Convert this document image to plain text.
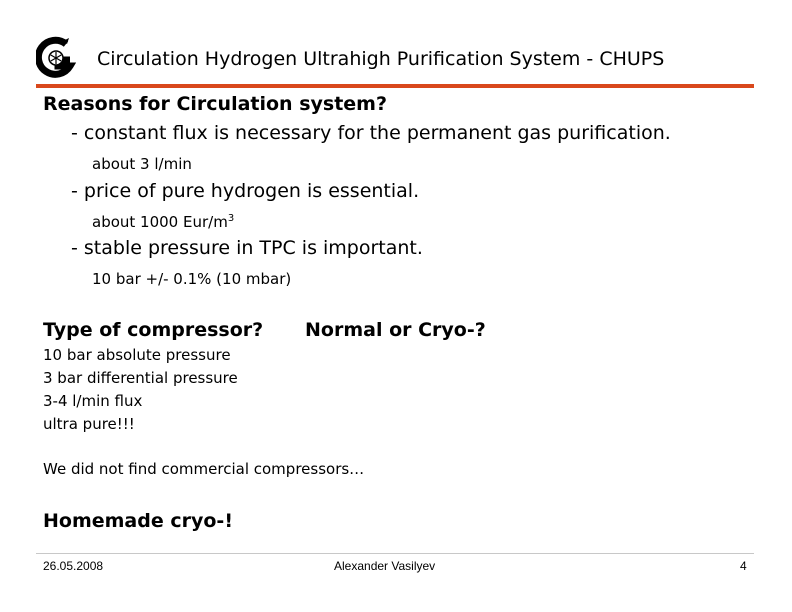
Circulation Hydrogen Ultrahigh Purification System - CHUPS
Reasons for Circulation system?
- constant flux is necessary for the permanent gas purification.
about 3 l/min
- price of pure hydrogen is essential.
about 1000 Eur/$m^3$
- stable pressure in TPC is important.
10 bar +/- 0.1% (10 mbar)
Type of compressor? Normal or Cryo-?
10 bar absolute pressure
3 bar differential pressure
3-4 l/min flux
ultra pure!!!
We did not find commercial compressors…
Homemade cryo-!
26.05.2008	Alexander Vasilyev	4
